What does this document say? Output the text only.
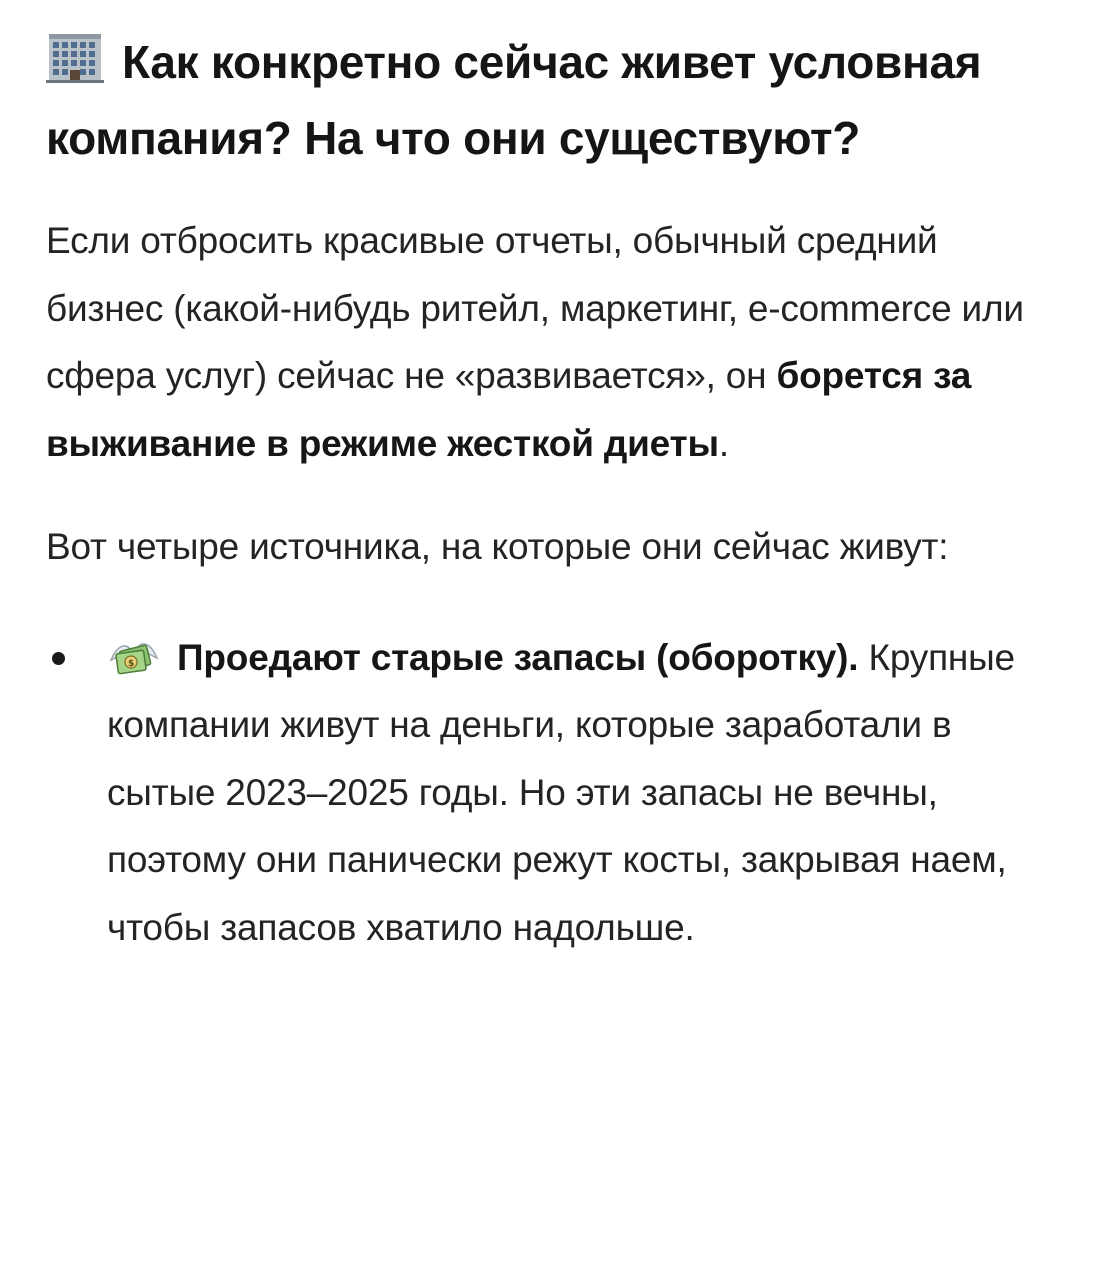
Как конкретно сейчас живет условная компания? На что они существуют?

Если отбросить красивые отчеты, обычный средний бизнес (какой-нибудь ритейл, маркетинг, e-commerce или сфера услуг) сейчас не «развивается», он борется за выживание в режиме жесткой диеты.

Вот четыре источника, на которые они сейчас живут:

$ Проедают старые запасы (оборотку). Крупные компании живут на деньги, которые заработали в сытые 2023–2025 годы. Но эти запасы не вечны, поэтому они панически режут косты, закрывая наем, чтобы запасов хватило надольше.
